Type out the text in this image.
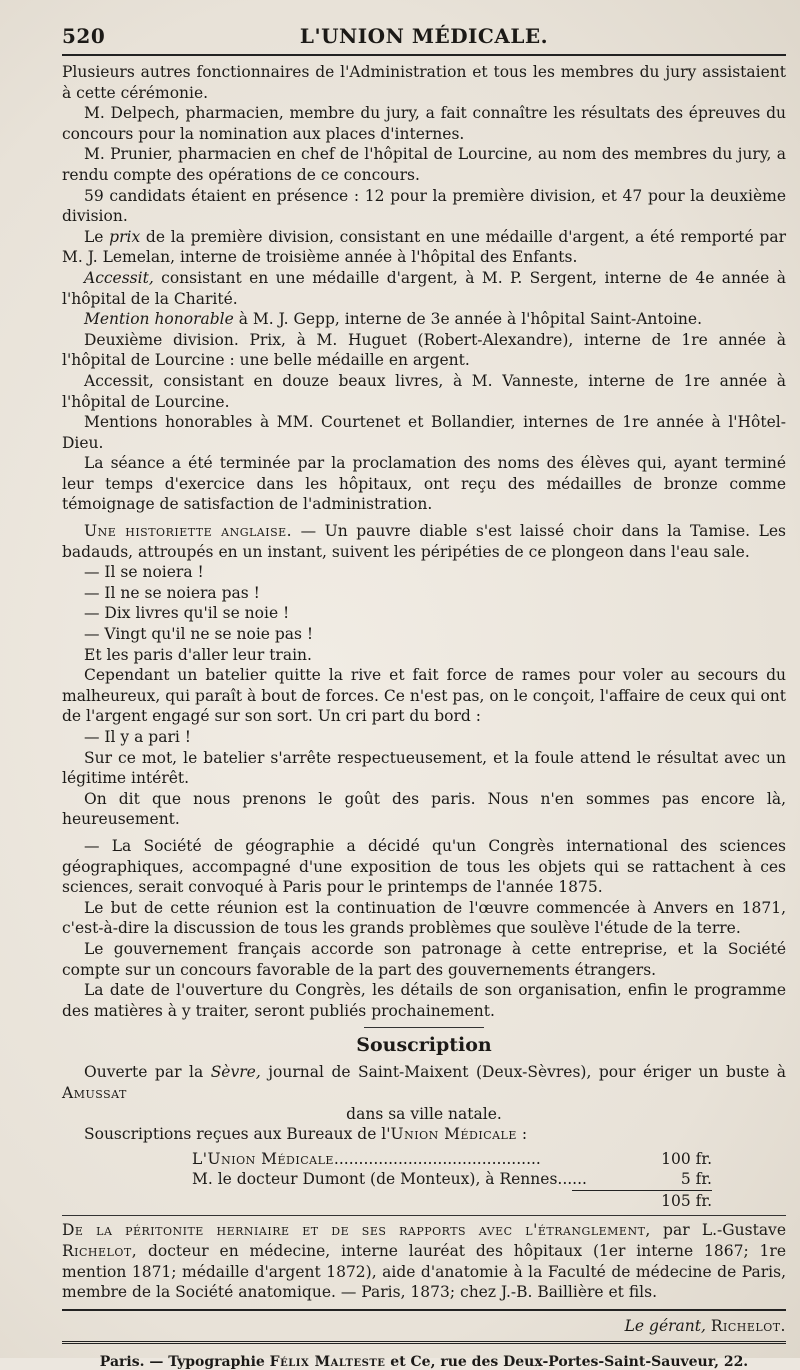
520	L'UNION MÉDICALE.

Plusieurs autres fonctionnaires de l'Administration et tous les membres du jury assistaient à cette cérémonie.

M. Delpech, pharmacien, membre du jury, a fait connaître les résultats des épreuves du concours pour la nomination aux places d'internes.

M. Prunier, pharmacien en chef de l'hôpital de Lourcine, au nom des membres du jury, a rendu compte des opérations de ce concours.

59 candidats étaient en présence : 12 pour la première division, et 47 pour la deuxième division.

Le prix de la première division, consistant en une médaille d'argent, a été remporté par M. J. Lemelan, interne de troisième année à l'hôpital des Enfants.

Accessit, consistant en une médaille d'argent, à M. P. Sergent, interne de 4e année à l'hôpital de la Charité.

Mention honorable à M. J. Gepp, interne de 3e année à l'hôpital Saint-Antoine.

Deuxième division. Prix, à M. Huguet (Robert-Alexandre), interne de 1re année à l'hôpital de Lourcine : une belle médaille en argent.

Accessit, consistant en douze beaux livres, à M. Vanneste, interne de 1re année à l'hôpital de Lourcine.

Mentions honorables à MM. Courtenet et Bollandier, internes de 1re année à l'Hôtel-Dieu.

La séance a été terminée par la proclamation des noms des élèves qui, ayant terminé leur temps d'exercice dans les hôpitaux, ont reçu des médailles de bronze comme témoignage de satisfaction de l'administration.

Une historiette anglaise. — Un pauvre diable s'est laissé choir dans la Tamise. Les badauds, attroupés en un instant, suivent les péripéties de ce plongeon dans l'eau sale.

— Il se noiera !

— Il ne se noiera pas !

— Dix livres qu'il se noie !

— Vingt qu'il ne se noie pas !

Et les paris d'aller leur train.

Cependant un batelier quitte la rive et fait force de rames pour voler au secours du malheureux, qui paraît à bout de forces. Ce n'est pas, on le conçoit, l'affaire de ceux qui ont de l'argent engagé sur son sort. Un cri part du bord :

— Il y a pari !

Sur ce mot, le batelier s'arrête respectueusement, et la foule attend le résultat avec un légitime intérêt.

On dit que nous prenons le goût des paris. Nous n'en sommes pas encore là, heureusement.

— La Société de géographie a décidé qu'un Congrès international des sciences géographiques, accompagné d'une exposition de tous les objets qui se rattachent à ces sciences, serait convoqué à Paris pour le printemps de l'année 1875.

Le but de cette réunion est la continuation de l'œuvre commencée à Anvers en 1871, c'est-à-dire la discussion de tous les grands problèmes que soulève l'étude de la terre.

Le gouvernement français accorde son patronage à cette entreprise, et la Société compte sur un concours favorable de la part des gouvernements étrangers.

La date de l'ouverture du Congrès, les détails de son organisation, enfin le programme des matières à y traiter, seront publiés prochainement.

Souscription

Ouverte par la Sèvre, journal de Saint-Maixent (Deux-Sèvres), pour ériger un buste à Amussat

dans sa ville natale.

Souscriptions reçues aux Bureaux de l'Union Médicale :

L'Union Médicale..........................................	100 fr.
M. le docteur Dumont (de Monteux), à Rennes......	5 fr.
105 fr.

De la péritonite herniaire et de ses rapports avec l'étranglement, par L.-Gustave Richelot, docteur en médecine, interne lauréat des hôpitaux (1er interne 1867; 1re mention 1871; médaille d'argent 1872), aide d'anatomie à la Faculté de médecine de Paris, membre de la Société anatomique. — Paris, 1873; chez J.-B. Baillière et fils.

Le gérant, Richelot.
Paris. — Typographie Félix Malteste et Ce, rue des Deux-Portes-Saint-Sauveur, 22.
